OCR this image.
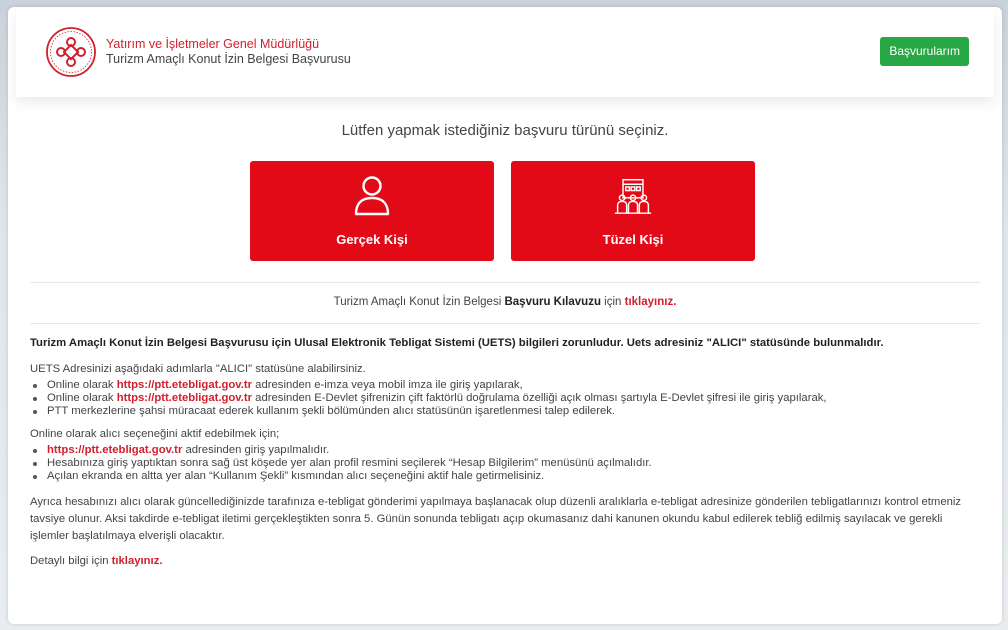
Yatırım ve İşletmeler Genel Müdürlüğü
Turizm Amaçlı Konut İzin Belgesi Başvurusu
Başvurularım
Lütfen yapmak istediğiniz başvuru türünü seçiniz.
Gerçek Kişi	Tüzel Kişi
Turizm Amaçlı Konut İzin Belgesi Başvuru Kılavuzu için tıklayınız.

Turizm Amaçlı Konut İzin Belgesi Başvurusu için Ulusal Elektronik Tebligat Sistemi (UETS) bilgileri zorunludur. Uets adresiniz "ALICI" statüsünde bulunmalıdır.

UETS Adresinizi aşağıdaki adımlarla "ALICI" statüsüne alabilirsiniz.

Online olarak https://ptt.etebligat.gov.tr adresinden e-imza veya mobil imza ile giriş yapılarak,
Online olarak https://ptt.etebligat.gov.tr adresinden E-Devlet şifrenizin çift faktörlü doğrulama özelliği açık olması şartıyla E-Devlet şifresi ile giriş yapılarak,
PTT merkezlerine şahsi müracaat ederek kullanım şekli bölümünden alıcı statüsünün işaretlenmesi talep edilerek.

Online olarak alıcı seçeneğini aktif edebilmek için;

https://ptt.etebligat.gov.tr adresinden giriş yapılmalıdır.
Hesabınıza giriş yaptıktan sonra sağ üst köşede yer alan profil resmini seçilerek “Hesap Bilgilerim” menüsünü açılmalıdır.
Açılan ekranda en altta yer alan “Kullanım Şekli” kısmından alıcı seçeneğini aktif hale getirmelisiniz.

Ayrıca hesabınızı alıcı olarak güncellediğinizde tarafınıza e-tebligat gönderimi yapılmaya başlanacak olup düzenli aralıklarla e-tebligat adresinize gönderilen tebligatlarınızı kontrol etmeniz tavsiye olunur. Aksi takdirde e-tebligat iletimi gerçekleştikten sonra 5. Günün sonunda tebligatı açıp okumasanız dahi kanunen okundu kabul edilerek tebliğ edilmiş sayılacak ve gerekli işlemler başlatılmaya elverişli olacaktır.

Detaylı bilgi için tıklayınız.
